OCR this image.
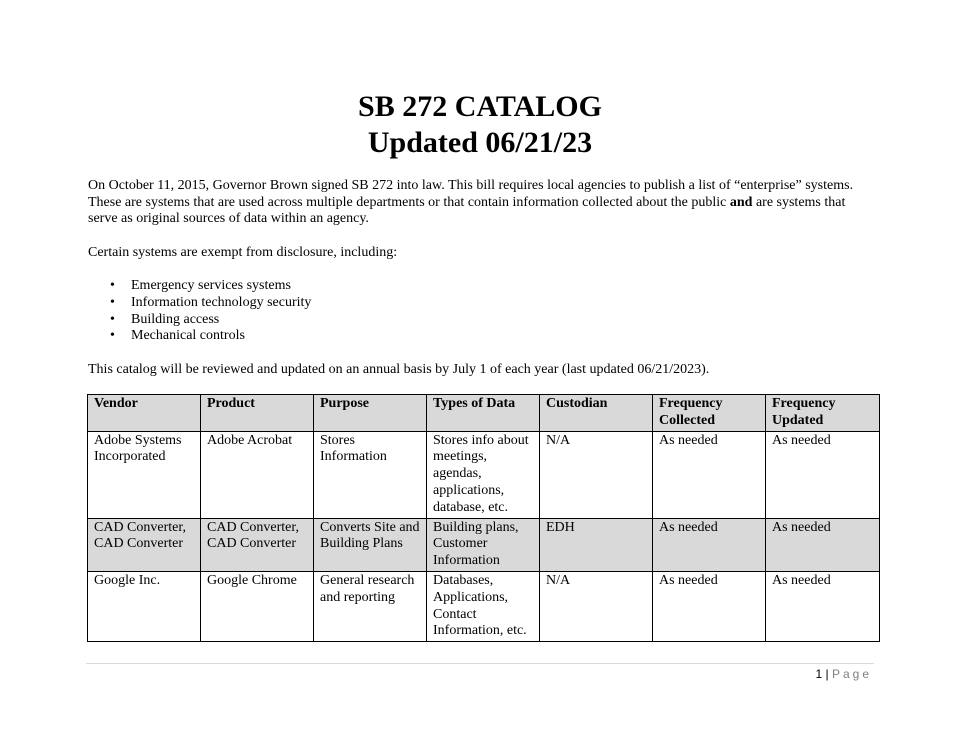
SB 272 CATALOG
Updated 06/21/23
On October 11, 2015, Governor Brown signed SB 272 into law. This bill requires local agencies to publish a list of “enterprise” systems. These are systems that are used across multiple departments or that contain information collected about the public and are systems that serve as original sources of data within an agency.
Certain systems are exempt from disclosure, including:
• Emergency services systems
• Information technology security
• Building access
• Mechanical controls
This catalog will be reviewed and updated on an annual basis by July 1 of each year (last updated 06/21/2023).
Vendor	Product	Purpose	Types of Data	Custodian	Frequency Collected	Frequency Updated
Adobe Systems Incorporated	Adobe Acrobat	Stores Information	Stores info about meetings, agendas, applications, database, etc.	N/A	As needed	As needed
CAD Converter, CAD Converter	CAD Converter, CAD Converter	Converts Site and Building Plans	Building plans, Customer Information	EDH	As needed	As needed
Google Inc.	Google Chrome	General research and reporting	Databases, Applications, Contact Information, etc.	N/A	As needed	As needed
1 | Page
